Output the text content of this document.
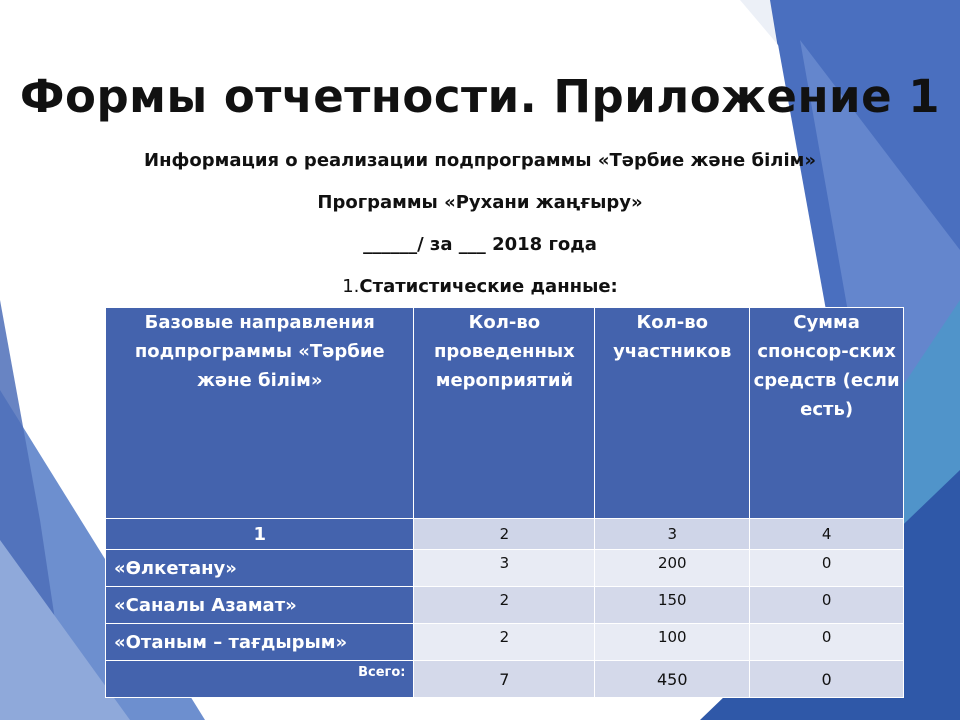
Формы отчетности. Приложение 1
Информация о реализации подпрограммы «Тәрбие және білім»
Программы «Рухани жаңғыру»
______/ за ___ 2018 года
1.Статистические данные:
Базовые направления подпрограммы «Тәрбие және білім»	Кол-во проведенных мероприятий	Кол-во участников	Сумма спонсор-ских средств (если есть)
1	2	3	4
«Өлкетану»	3	200	0
«Саналы Азамат»	2	150	0
«Отаным – тағдырым»	2	100	0
Всего:	7	450	0
